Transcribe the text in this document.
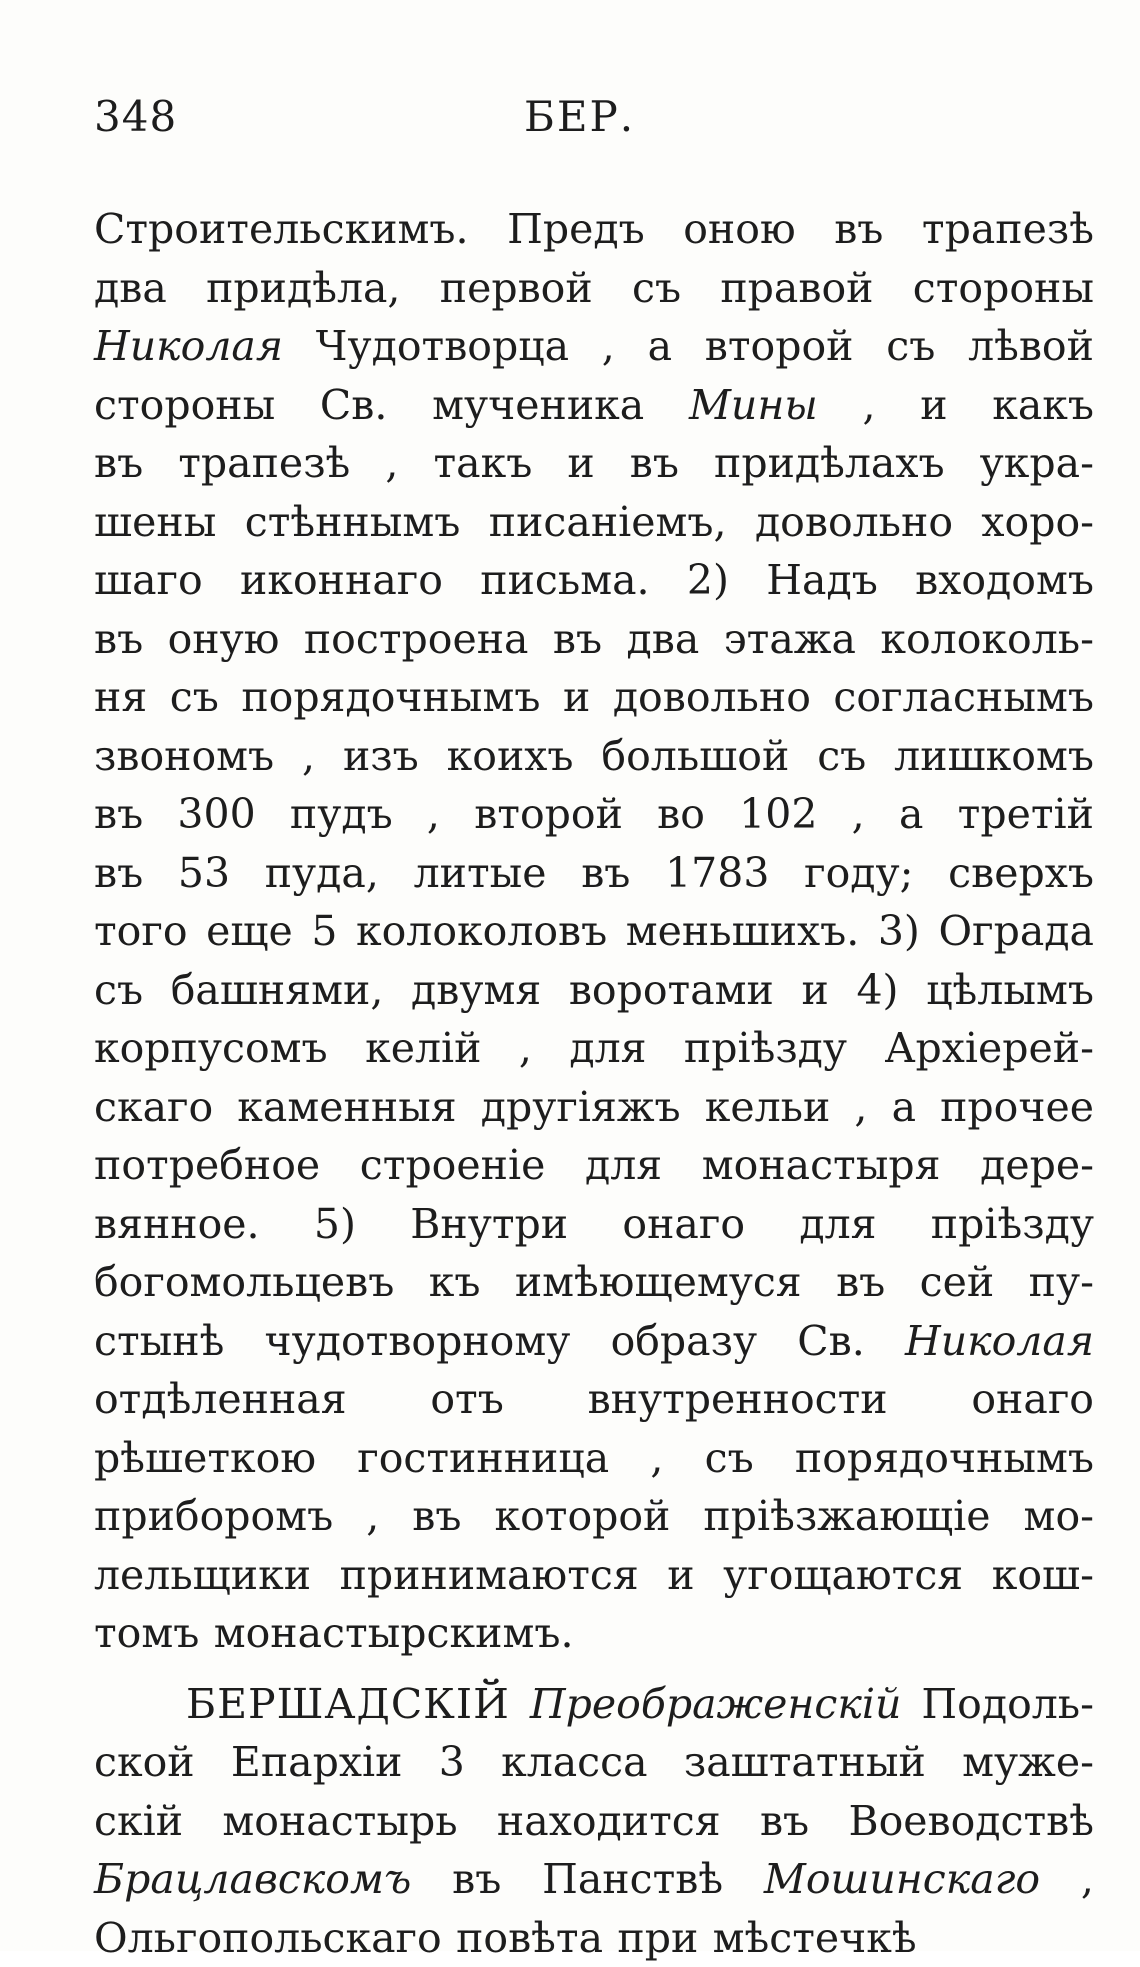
348	БЕР.
Строительскимъ. Предъ оною въ трапезѣ
два придѣла, первой съ правой стороны
Николая Чудотворца , а второй съ лѣвой
стороны Св. мученика Мины , и какъ
въ трапезѣ , такъ и въ придѣлахъ укра-
шены стѣннымъ писанiемъ, довольно хоро-
шаго иконнаго письма. 2) Надъ входомъ
въ оную построена въ два этажа колоколь-
ня съ порядочнымъ и довольно согласнымъ
звономъ , изъ коихъ большой съ лишкомъ
въ 300 пудъ , второй во 102 , а третiй
въ 53 пуда, литые въ 1783 году; сверхъ
того еще 5 колоколовъ меньшихъ. 3) Ограда
съ башнями, двумя воротами и 4) цѣлымъ
корпусомъ келiй , для прiѣзду Архiерей-
скаго каменныя другiяжъ кельи , а прочее
потребное строенiе для монастыря дере-
вянное. 5) Внутри онаго для прiѣзду
богомольцевъ къ имѣющемуся въ сей пу-
стынѣ чудотворному образу Св. Николая
отдѣленная отъ внутренности онаго
рѣшеткою гостинница , съ порядочнымъ
приборомъ , въ которой прiѣзжающiе мо-
лельщики принимаются и угощаются кош-
томъ монастырскимъ.
БЕРШАДСКIЙ Преображенскiй Подоль-
ской Епархiи 3 класса заштатный муже-
скiй монастырь находится въ Воеводствѣ
Брацлавскомъ въ Панствѣ Мошинскаго ,
Ольгопольскаго повѣта при мѣстечкѣ
